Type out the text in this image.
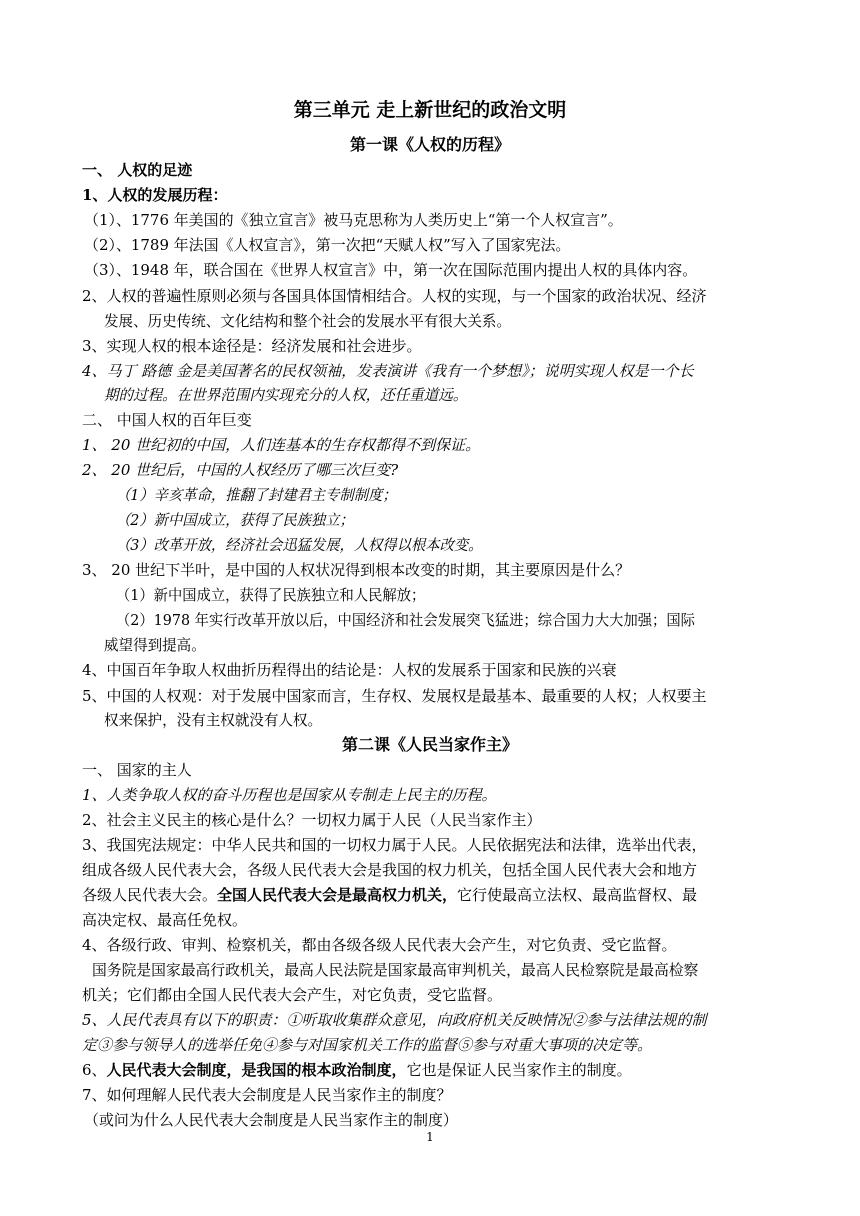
第三单元 走上新世纪的政治文明
第一课《人权的历程》
一、 人权的足迹
1、人权的发展历程：
（1）、1776 年美国的《独立宣言》被马克思称为人类历史上“第一个人权宣言”。
（2）、1789 年法国《人权宣言》，第一次把“天赋人权”写入了国家宪法。
（3）、1948 年，联合国在《世界人权宣言》中，第一次在国际范围内提出人权的具体内容。
2、人权的普遍性原则必须与各国具体国情相结合。人权的实现，与一个国家的政治状况、经济
发展、历史传统、文化结构和整个社会的发展水平有很大关系。
3、实现人权的根本途径是：经济发展和社会进步。
4、马丁 路德 金是美国著名的民权领袖，发表演讲《我有一个梦想》；说明实现人权是一个长
期的过程。在世界范围内实现充分的人权，还任重道远。
二、 中国人权的百年巨变
1、 20 世纪初的中国，人们连基本的生存权都得不到保证。
2、 20 世纪后，中国的人权经历了哪三次巨变?
（1）辛亥革命，推翻了封建君主专制制度；
（2）新中国成立，获得了民族独立；
（3）改革开放，经济社会迅猛发展，人权得以根本改变。
3、 20 世纪下半叶，是中国的人权状况得到根本改变的时期，其主要原因是什么？
（1）新中国成立，获得了民族独立和人民解放；
（2）1978 年实行改革开放以后，中国经济和社会发展突飞猛进；综合国力大大加强；国际
威望得到提高。
4、中国百年争取人权曲折历程得出的结论是：人权的发展系于国家和民族的兴衰
5、中国的人权观：对于发展中国家而言，生存权、发展权是最基本、最重要的人权；人权要主
权来保护，没有主权就没有人权。
第二课《人民当家作主》
一、 国家的主人
1、人类争取人权的奋斗历程也是国家从专制走上民主的历程。
2、社会主义民主的核心是什么？一切权力属于人民（人民当家作主）
3、我国宪法规定：中华人民共和国的一切权力属于人民。人民依据宪法和法律，选举出代表，
组成各级人民代表大会，各级人民代表大会是我国的权力机关，包括全国人民代表大会和地方
各级人民代表大会。全国人民代表大会是最高权力机关，它行使最高立法权、最高监督权、最
高决定权、最高任免权。
4、各级行政、审判、检察机关，都由各级各级人民代表大会产生，对它负责、受它监督。
国务院是国家最高行政机关，最高人民法院是国家最高审判机关，最高人民检察院是最高检察
机关；它们都由全国人民代表大会产生，对它负责，受它监督。
5、人民代表具有以下的职责：①听取收集群众意见，向政府机关反映情况②参与法律法规的制
定③参与领导人的选举任免④参与对国家机关工作的监督⑤参与对重大事项的决定等。
6、人民代表大会制度，是我国的根本政治制度，它也是保证人民当家作主的制度。
7、如何理解人民代表大会制度是人民当家作主的制度？
（或问为什么人民代表大会制度是人民当家作主的制度）
1
